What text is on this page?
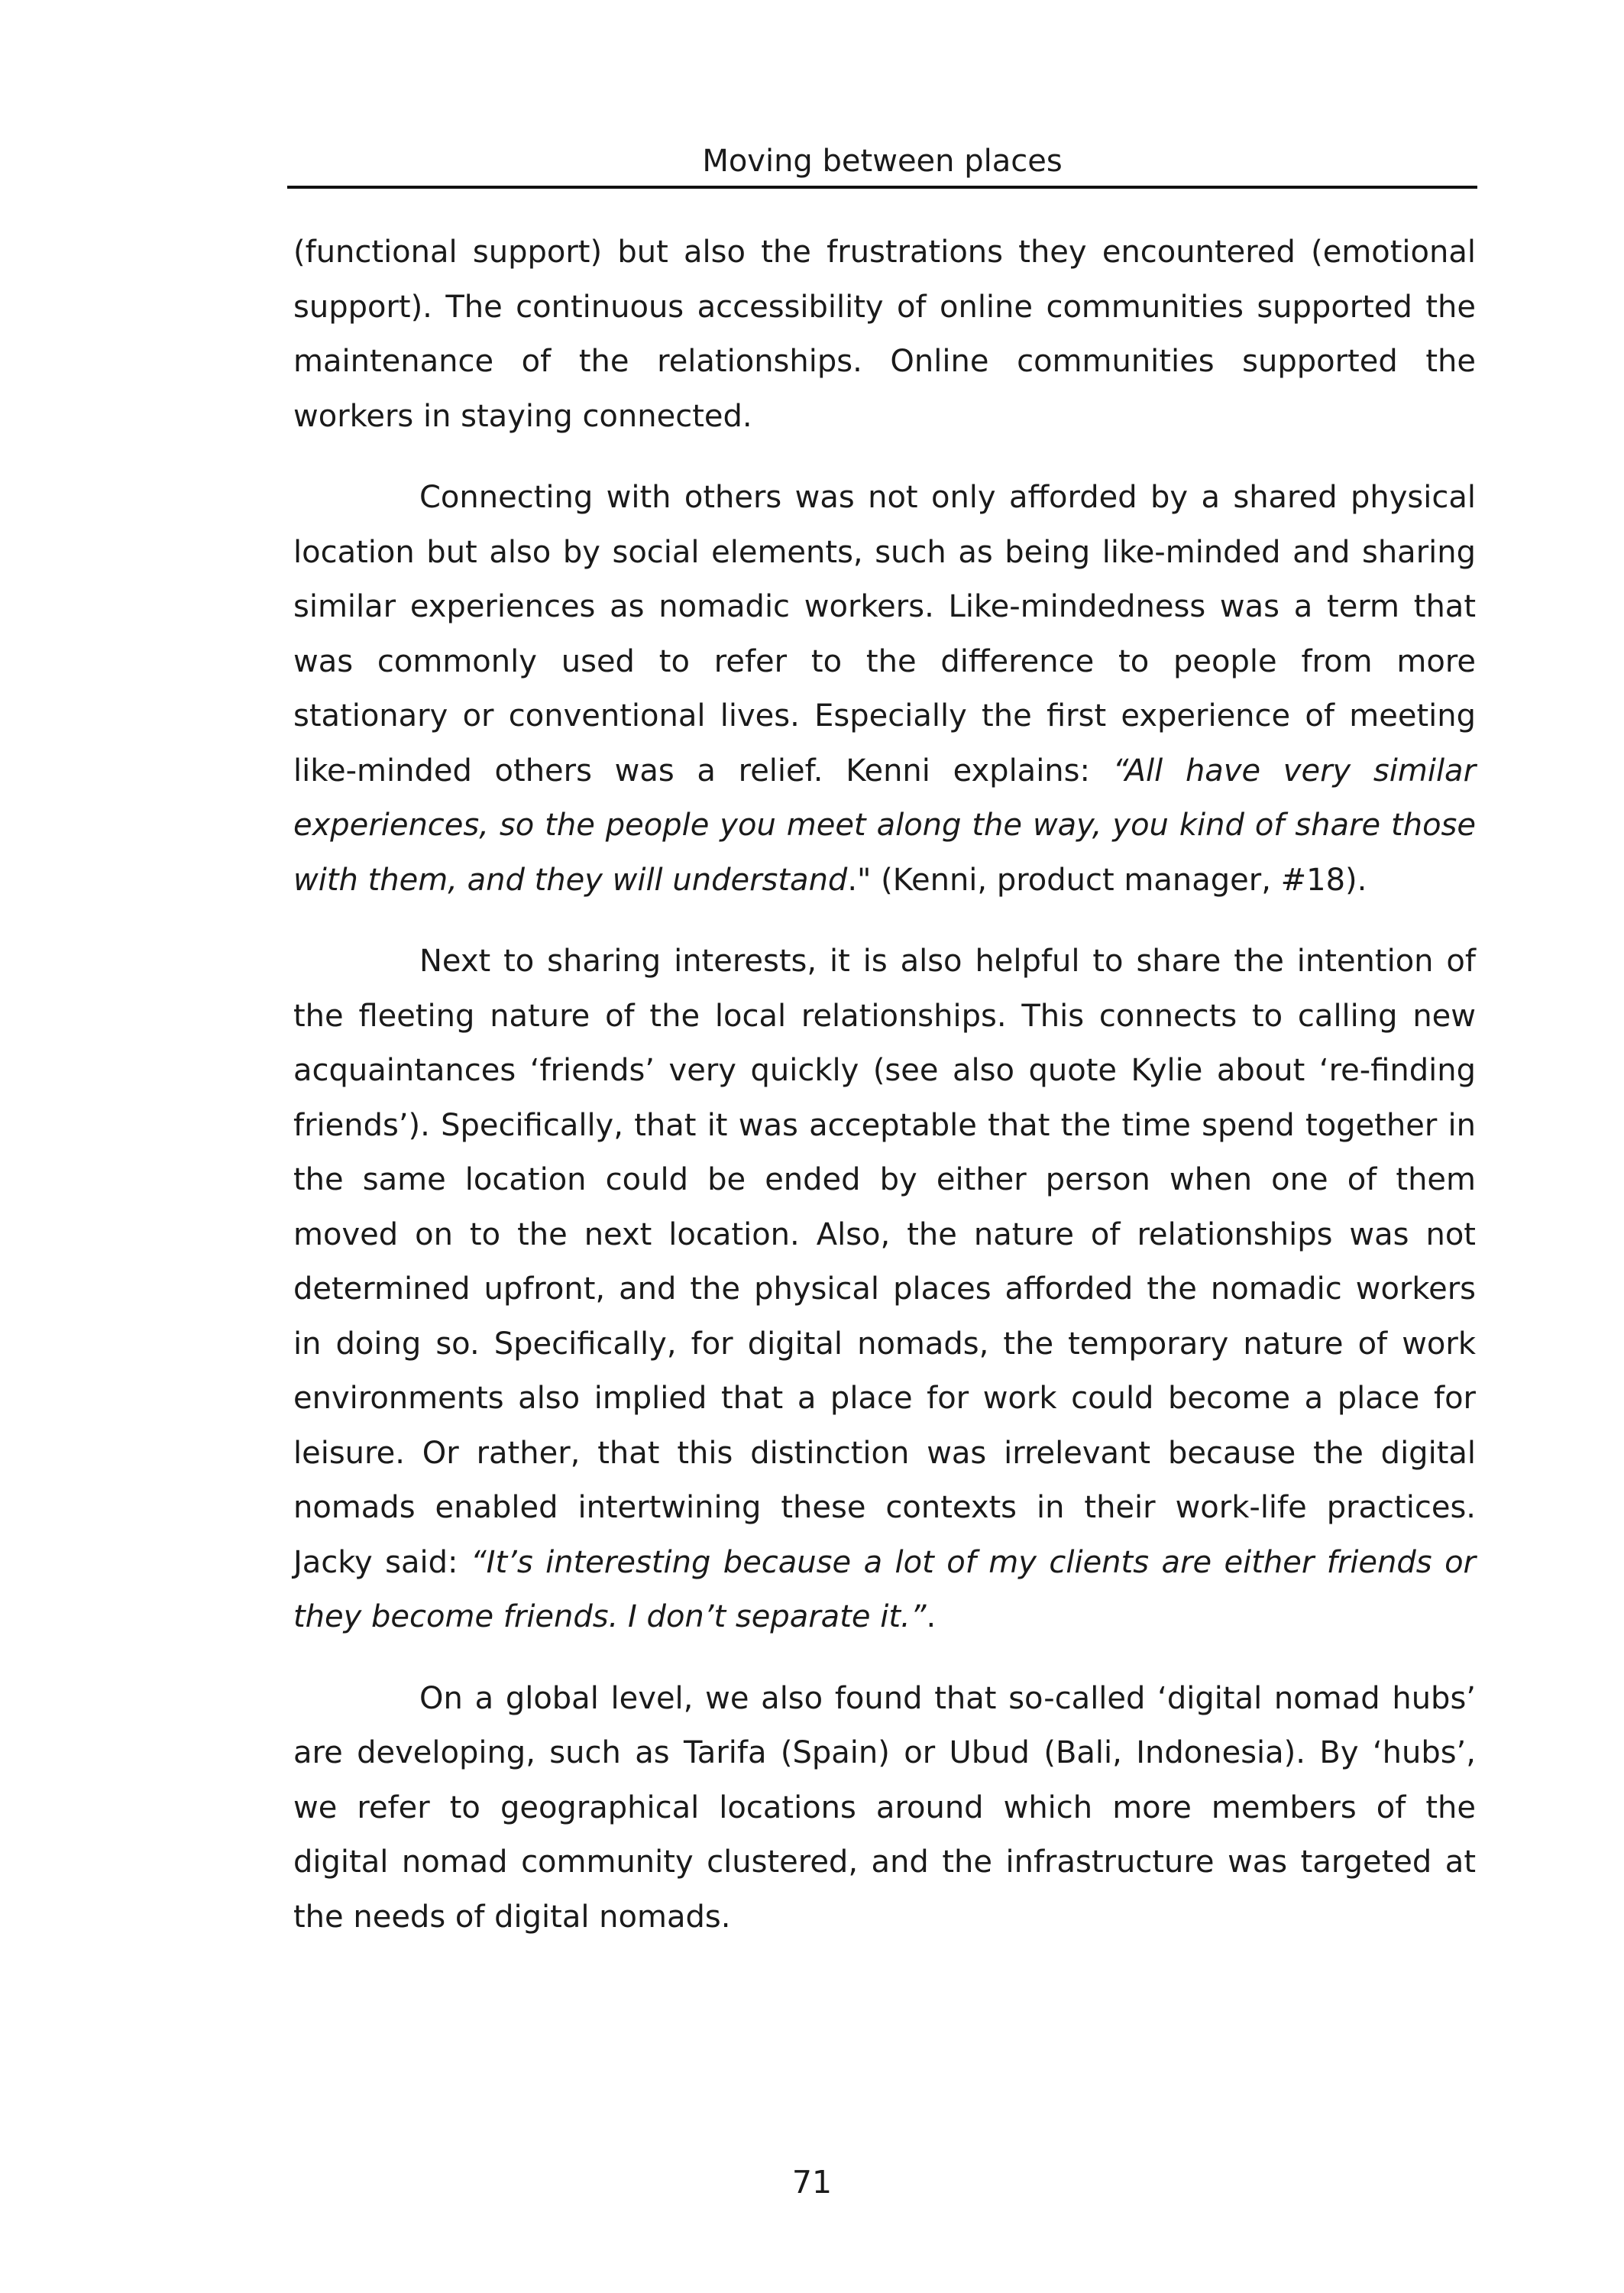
Moving between places

(functional support) but also the frustrations they encountered (emotional support). The continuous accessibility of online communities supported the maintenance of the relationships. Online communities supported the workers in staying connected.

Connecting with others was not only afforded by a shared physical location but also by social elements, such as being like-minded and sharing similar experiences as nomadic workers. Like-mindedness was a term that was commonly used to refer to the difference to people from more stationary or conventional lives. Especially the first experience of meeting like-minded others was a relief. Kenni explains: “All have very similar experiences, so the people you meet along the way, you kind of share those with them, and they will understand." (Kenni, product manager, #18).

Next to sharing interests, it is also helpful to share the intention of the fleeting nature of the local relationships. This connects to calling new acquaintances ‘friends’ very quickly (see also quote Kylie about ‘re-finding friends’). Specifically, that it was acceptable that the time spend together in the same location could be ended by either person when one of them moved on to the next location. Also, the nature of relationships was not determined upfront, and the physical places afforded the nomadic workers in doing so. Specifically, for digital nomads, the temporary nature of work environments also implied that a place for work could become a place for leisure. Or rather, that this distinction was irrelevant because the digital nomads enabled intertwining these contexts in their work-life practices. Jacky said: “It’s interesting because a lot of my clients are either friends or they become friends. I don’t separate it.”.

On a global level, we also found that so-called ‘digital nomad hubs’ are developing, such as Tarifa (Spain) or Ubud (Bali, Indonesia). By ‘hubs’, we refer to geographical locations around which more members of the digital nomad community clustered, and the infrastructure was targeted at the needs of digital nomads.

71
